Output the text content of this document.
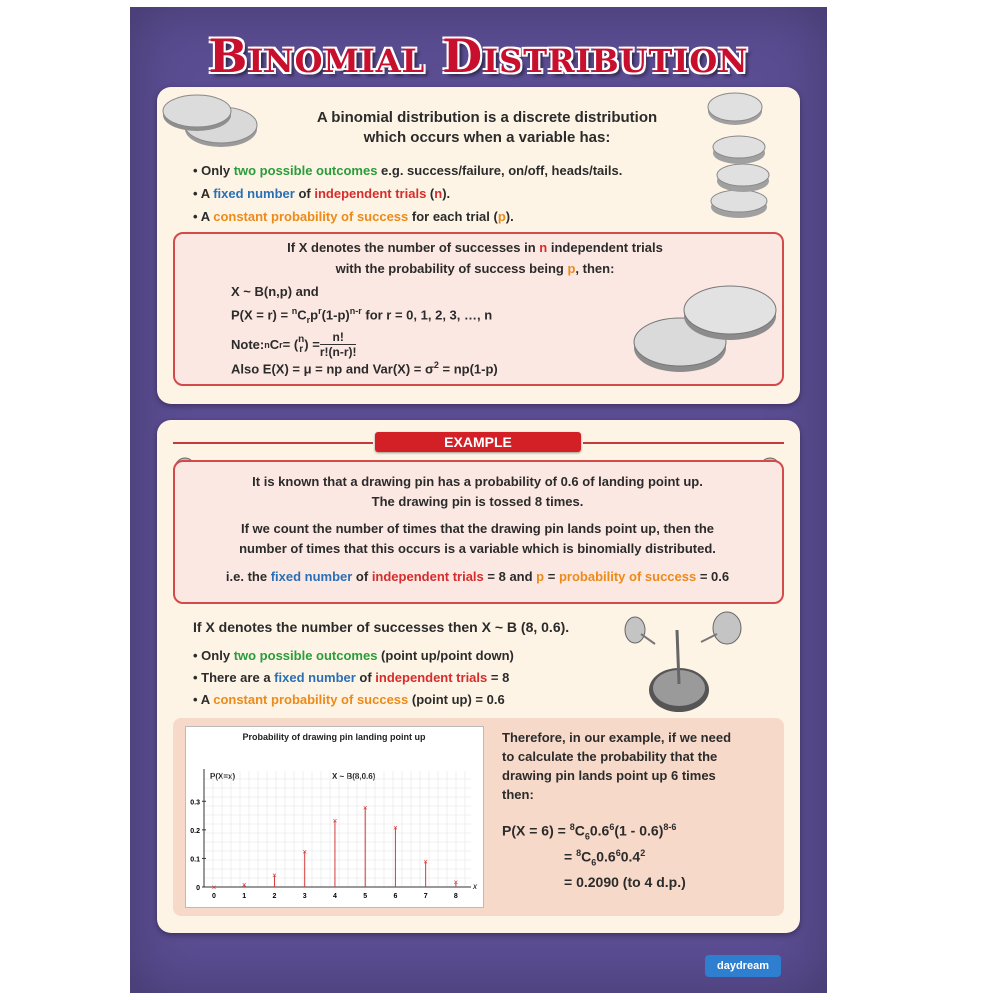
Binomial Distribution
A binomial distribution is a discrete distribution
which occurs when a variable has:
• Only two possible outcomes e.g. success/failure, on/off, heads/tails.
• A fixed number of independent trials (n).
• A constant probability of success for each trial (p).
If X denotes the number of successes in n independent trials
with the probability of success being p, then:
X ~ B(n,p) and
$P(X = r) = ^nC_rp^r(1-p)^{n-r}$ for r = 0, 1, 2, 3, …, n
Note: n C r = ( n
r ) = $\frac{n!}{r!(n-r)!}$
Also E(X) = μ = np and $Var(X) = \sigma^2 = np(1-p)$
EXAMPLE
It is known that a drawing pin has a probability of 0.6 of landing point up.
The drawing pin is tossed 8 times.
If we count the number of times that the drawing pin lands point up, then the
number of times that this occurs is a variable which is binomially distributed.
i.e. the fixed number of independent trials = 8 and p = probability of success = 0.6
If X denotes the number of successes then X ~ B (8, 0.6).
• Only two possible outcomes (point up/point down)
• There are a fixed number of independent trials = 8
• A constant probability of success (point up) = 0.6
Probability of drawing pin landing point up
P(X=x)	X ~ B(8,0.6)
x
0
0.1
0.2
0.3
0	1	2	3	4	5	6	7	8
×	×
×
×
×
×
×
×
×
Therefore, in our example, if we need
to calculate the probability that the
drawing pin lands point up 6 times
then:
$P(X = 6) = ^8C_60.6^6(1 - 0.6)^{8-6}$
= $^8C_60.6^60.4^2$
= 0.2090 (to 4 d.p.)
daydream
